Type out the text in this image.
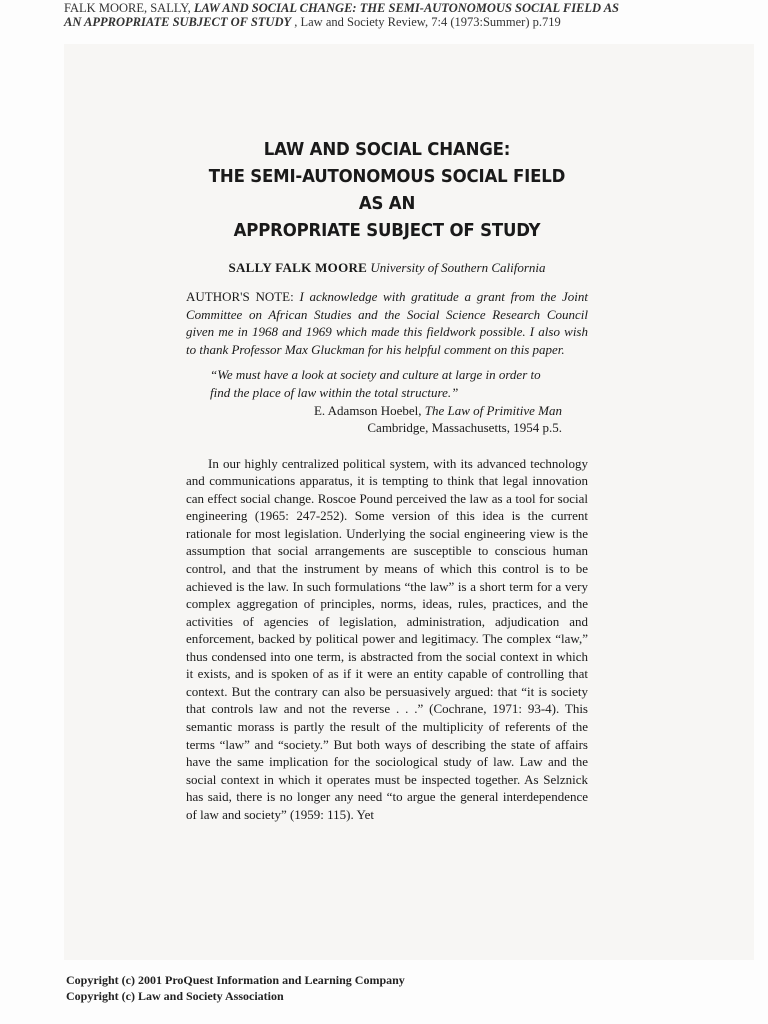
FALK MOORE, SALLY, LAW AND SOCIAL CHANGE: THE SEMI-AUTONOMOUS SOCIAL FIELD AS AN APPROPRIATE SUBJECT OF STUDY , Law and Society Review, 7:4 (1973:Summer) p.719
LAW AND SOCIAL CHANGE:
THE SEMI-AUTONOMOUS SOCIAL FIELD AS AN
APPROPRIATE SUBJECT OF STUDY
SALLY FALK MOORE University of Southern California
AUTHOR'S NOTE: I acknowledge with gratitude a grant from the Joint Committee on African Studies and the Social Science Research Council given me in 1968 and 1969 which made this fieldwork possible. I also wish to thank Professor Max Gluckman for his helpful comment on this paper.
“We must have a look at society and culture at large in order to find the place of law within the total structure.”
E. Adamson Hoebel, The Law of Primitive Man
Cambridge, Massachusetts, 1954 p.5.
In our highly centralized political system, with its advanced technology and communications apparatus, it is tempting to think that legal innovation can effect social change. Roscoe Pound perceived the law as a tool for social engineering (1965: 247-252). Some version of this idea is the current rationale for most legislation. Underlying the social engineering view is the assumption that social arrangements are susceptible to conscious human control, and that the instrument by means of which this control is to be achieved is the law. In such formulations “the law” is a short term for a very complex aggregation of principles, norms, ideas, rules, practices, and the activities of agencies of legislation, administration, adjudication and enforcement, backed by political power and legitimacy. The complex “law,” thus condensed into one term, is abstracted from the social context in which it exists, and is spoken of as if it were an entity capable of controlling that context. But the contrary can also be persuasively argued: that “it is society that controls law and not the reverse . . .” (Cochrane, 1971: 93-4). This semantic morass is partly the result of the multiplicity of referents of the terms “law” and “society.” But both ways of describing the state of affairs have the same implication for the sociological study of law. Law and the social context in which it operates must be inspected together. As Selznick has said, there is no longer any need “to argue the general interdependence of law and society” (1959: 115). Yet
Copyright (c) 2001 ProQuest Information and Learning Company
Copyright (c) Law and Society Association
